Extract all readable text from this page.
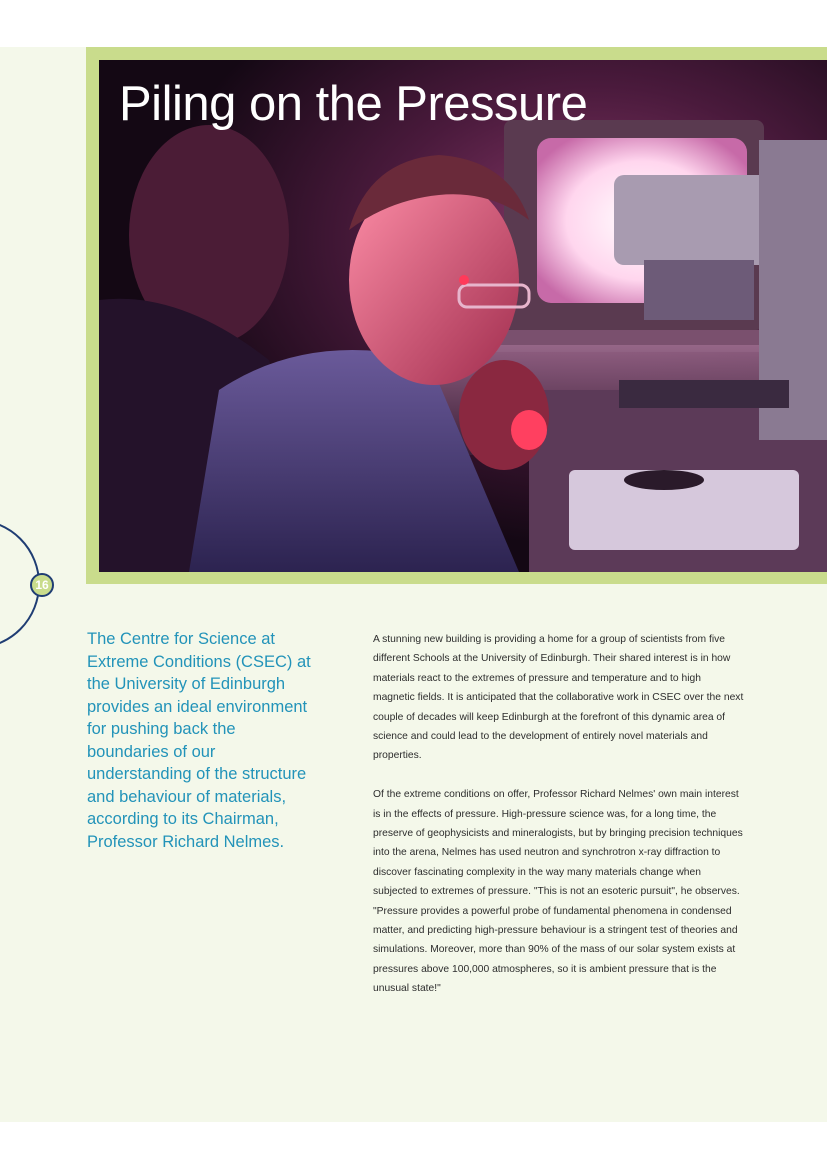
Piling on the Pressure
16

The Centre for Science at Extreme Conditions (CSEC) at the University of Edinburgh provides an ideal environment for pushing back the boundaries of our understanding of the structure and behaviour of materials, according to its Chairman, Professor Richard Nelmes.

A stunning new building is providing a home for a group of scientists from five different Schools at the University of Edinburgh. Their shared interest is in how materials react to the extremes of pressure and temperature and to high magnetic fields. It is anticipated that the collaborative work in CSEC over the next couple of decades will keep Edinburgh at the forefront of this dynamic area of science and could lead to the development of entirely novel materials and properties.

Of the extreme conditions on offer, Professor Richard Nelmes' own main interest is in the effects of pressure. High-pressure science was, for a long time, the preserve of geophysicists and mineralogists, but by bringing precision techniques into the arena, Nelmes has used neutron and synchrotron x-ray diffraction to discover fascinating complexity in the way many materials change when subjected to extremes of pressure. "This is not an esoteric pursuit", he observes. "Pressure provides a powerful probe of fundamental phenomena in condensed matter, and predicting high-pressure behaviour is a stringent test of theories and simulations. Moreover, more than 90% of the mass of our solar system exists at pressures above 100,000 atmospheres, so it is ambient pressure that is the unusual state!"
